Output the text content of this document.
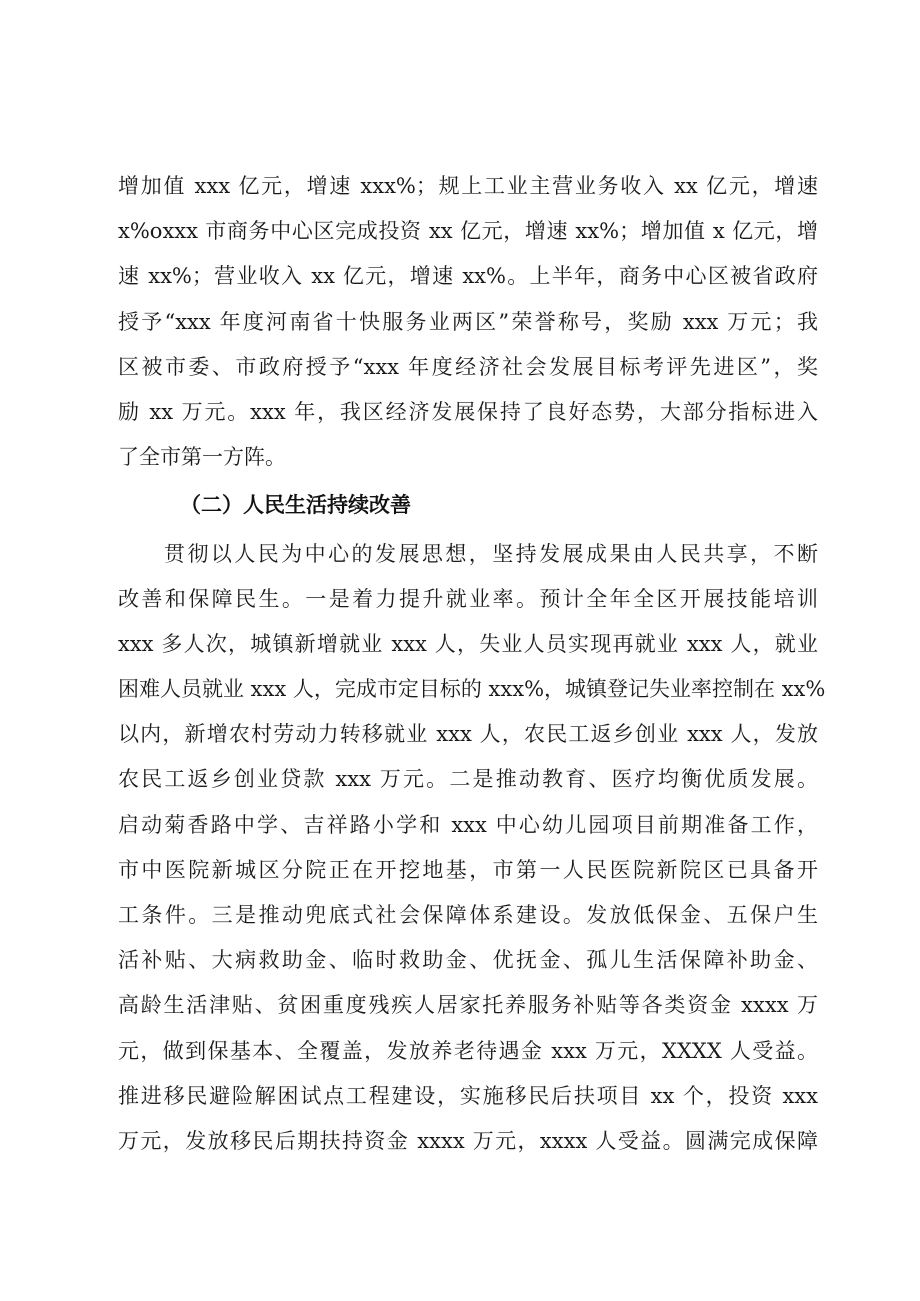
增加值 xxx 亿元，增速 xxx%；规上工业主营业务收入 xx 亿元，增速
x%oxxx 市商务中心区完成投资 xx 亿元，增速 xx%；增加值 x 亿元，增
速 xx%；营业收入 xx 亿元，增速 xx%。上半年，商务中心区被省政府
授予“xxx 年度河南省十快服务业两区”荣誉称号，奖励 xxx 万元；我
区被市委、市政府授予“xxx 年度经济社会发展目标考评先进区”，奖
励 xx 万元。xxx 年，我区经济发展保持了良好态势，大部分指标进入
了全市第一方阵。
（二）人民生活持续改善
贯彻以人民为中心的发展思想，坚持发展成果由人民共享，不断
改善和保障民生。一是着力提升就业率。预计全年全区开展技能培训
xxx 多人次，城镇新增就业 xxx 人，失业人员实现再就业 xxx 人，就业
困难人员就业 xxx 人，完成市定目标的 xxx%，城镇登记失业率控制在 xx%
以内，新增农村劳动力转移就业 xxx 人，农民工返乡创业 xxx 人，发放
农民工返乡创业贷款 xxx 万元。二是推动教育、医疗均衡优质发展。
启动菊香路中学、吉祥路小学和 xxx 中心幼儿园项目前期准备工作，
市中医院新城区分院正在开挖地基，市第一人民医院新院区已具备开
工条件。三是推动兜底式社会保障体系建设。发放低保金、五保户生
活补贴、大病救助金、临时救助金、优抚金、孤儿生活保障补助金、
高龄生活津贴、贫困重度残疾人居家托养服务补贴等各类资金 xxxx 万
元，做到保基本、全覆盖，发放养老待遇金 xxx 万元，XXXX 人受益。
推进移民避险解困试点工程建设，实施移民后扶项目 xx 个，投资 xxx
万元，发放移民后期扶持资金 xxxx 万元，xxxx 人受益。圆满完成保障
